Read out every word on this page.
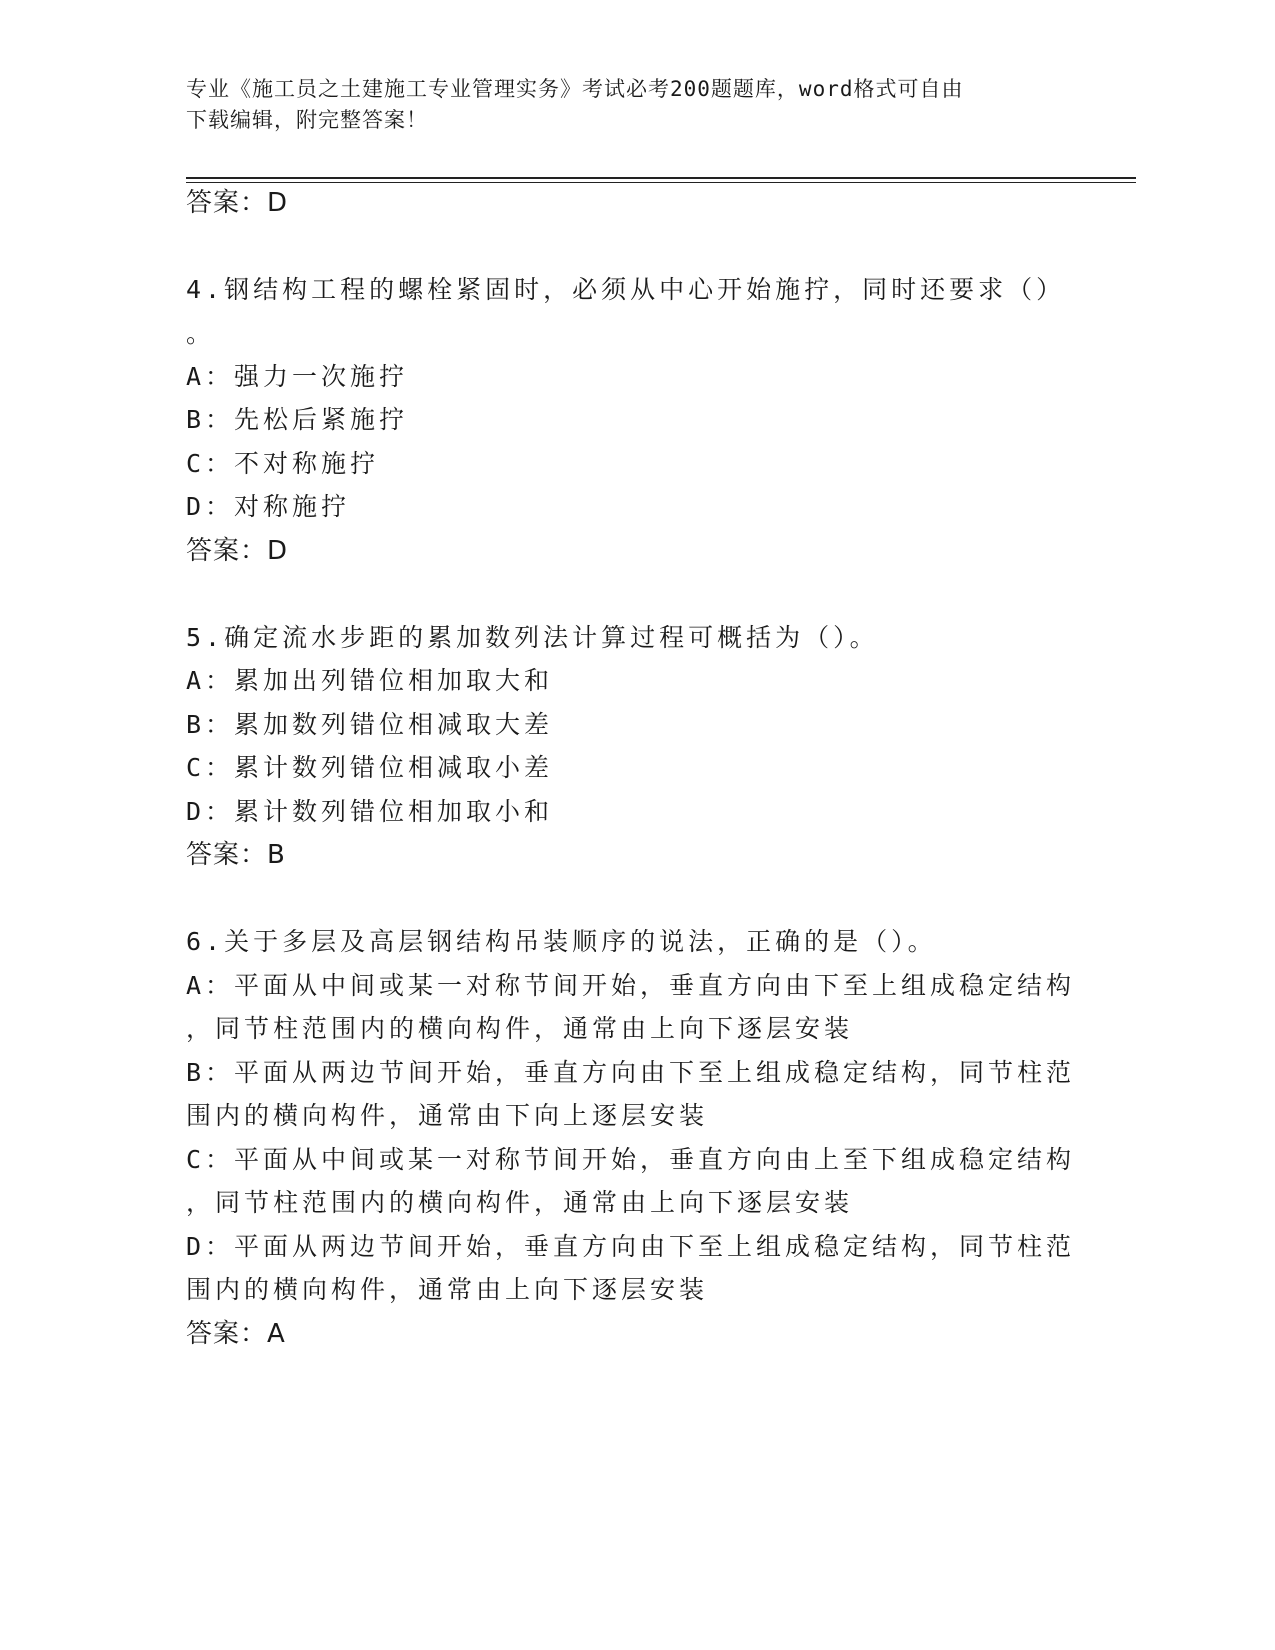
专业《施工员之土建施工专业管理实务》考试必考200题题库，word格式可自由
下载编辑，附完整答案！
答案：D
4.钢结构工程的螺栓紧固时，必须从中心开始施拧，同时还要求（）
。
A：强力一次施拧
B：先松后紧施拧
C：不对称施拧
D：对称施拧
答案：D
5.确定流水步距的累加数列法计算过程可概括为（）。
A：累加出列错位相加取大和
B：累加数列错位相减取大差
C：累计数列错位相减取小差
D：累计数列错位相加取小和
答案：B
6.关于多层及高层钢结构吊装顺序的说法，正确的是（）。
A：平面从中间或某一对称节间开始，垂直方向由下至上组成稳定结构
，同节柱范围内的横向构件，通常由上向下逐层安装
B：平面从两边节间开始，垂直方向由下至上组成稳定结构，同节柱范
围内的横向构件，通常由下向上逐层安装
C：平面从中间或某一对称节间开始，垂直方向由上至下组成稳定结构
，同节柱范围内的横向构件，通常由上向下逐层安装
D：平面从两边节间开始，垂直方向由下至上组成稳定结构，同节柱范
围内的横向构件，通常由上向下逐层安装
答案：A
